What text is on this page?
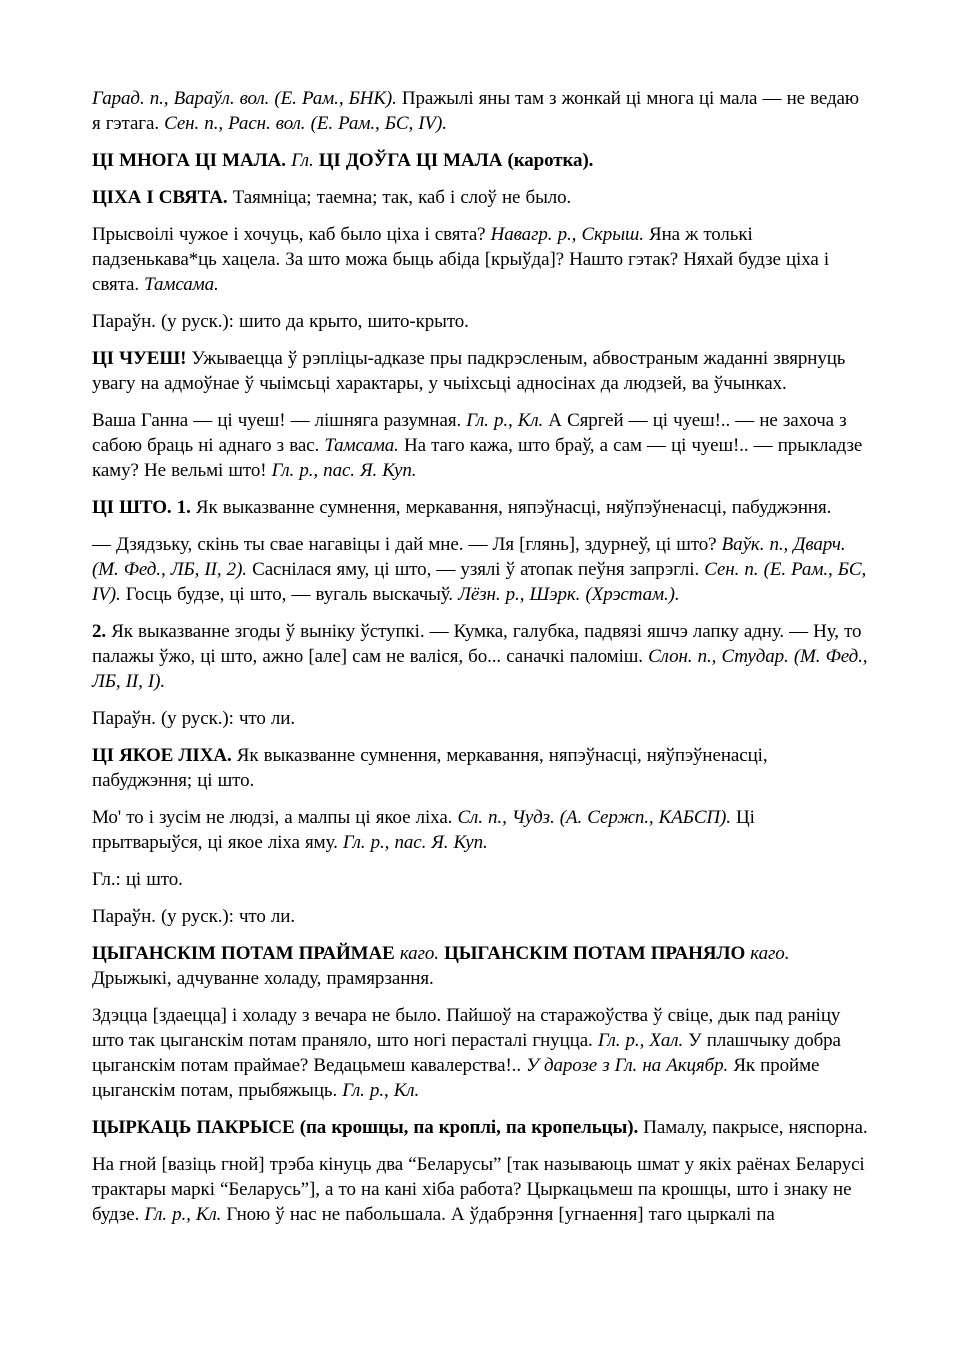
Гарад. п., Вараўл. вол. (Е. Рам., БНК). Пражылі яны там з жонкай ці многа ці мала — не ведаю я гэтага. Сен. п., Расн. вол. (Е. Рам., БС, IV).

ЦІ МНОГА ЦІ МАЛА. Гл. ЦІ ДОЎГА ЦІ МАЛА (каротка).

ЦІХА І СВЯТА. Таямніца; таемна; так, каб і слоў не было.

Прысвоілі чужое і хочуць, каб было ціха і свята? Навагр. р., Скрыш. Яна ж толькі падзенькава*ць хацела. За што можа быць абіда [крыўда]? Нашто гэтак? Няхай будзе ціха і свята. Тамсама.

Параўн. (у руск.): шито да крыто, шито-крыто.

ЦІ ЧУЕШ! Ужываецца ў рэпліцы-адказе пры падкрэсленым, абвостраным жаданні звярнуць увагу на адмоўнае ў чыімсьці характары, у чыіхсьці адносінах да людзей, ва ўчынках.

Ваша Ганна — ці чуеш! — лішняга разумная. Гл. р., Кл. А Сяргей — ці чуеш!.. — не захоча з сабою браць ні аднаго з вас. Тамсама. На таго кажа, што браў, а сам — ці чуеш!.. — прыкладзе каму? Не вельмі што! Гл. р., пас. Я. Куп.

ЦІ ШТО. 1. Як выказванне сумнення, меркавання, няпэўнасці, няўпэўненасці, пабуджэння.

— Дзядзьку, скінь ты свае нагавіцы і дай мне. — Ля [глянь], здурнеў, ці што? Ваўк. п., Дварч. (М. Фед., ЛБ, II, 2). Саснілася яму, ці што, — узялі ў атопак пеўня запрэглі. Сен. п. (Е. Рам., БС, IV). Госць будзе, ці што, — вугаль выскачыў. Лёзн. р., Шэрк. (Хрэстам.).

2. Як выказванне згоды ў выніку ўступкі. — Кумка, галубка, падвязі яшчэ лапку адну. — Ну, то палажы ўжо, ці што, ажно [але] сам не валіся, бо... саначкі паломіш. Слон. п., Студар. (М. Фед., ЛБ, II, I).

Параўн. (у руск.): что ли.

ЦІ ЯКОЕ ЛІХА. Як выказванне сумнення, меркавання, няпэўнасці, няўпэўненасці, пабуджэння; ці што.

Мо' то і зусім не людзі, а малпы ці якое ліха. Сл. п., Чудз. (А. Сержп., КАБСП). Ці прытварыўся, ці якое ліха яму. Гл. р., пас. Я. Куп.

Гл.: ці што.

Параўн. (у руск.): что ли.

ЦЫГАНСКІМ ПОТАМ ПРАЙМАЕ каго. ЦЫГАНСКІМ ПОТАМ ПРАНЯЛО каго. Дрыжыкі, адчуванне холаду, прамярзання.

Здэцца [здаецца] і холаду з вечара не было. Пайшоў на старажоўства ў свіце, дык пад раніцу што так цыганскім потам праняло, што ногі перасталі гнуцца. Гл. р., Хал. У плашчыку добра цыганскім потам праймае? Ведацьмеш кавалерства!.. У дарозе з Гл. на Акцябр. Як пройме цыганскім потам, прыбяжыць. Гл. р., Кл.

ЦЫРКАЦЬ ПАКРЫСЕ (па крошцы, па кроплі, па кропельцы). Памалу, пакрысе, няспорна.

На гной [вазіць гной] трэба кінуць два “Беларусы” [так называюць шмат у якіх раёнах Беларусі трактары маркі “Беларусь”], а то на кані хіба работа? Цыркацьмеш па крошцы, што і знаку не будзе. Гл. р., Кл. Гною ў нас не пабольшала. А ўдабрэння [угнаення] таго цыркалі па
